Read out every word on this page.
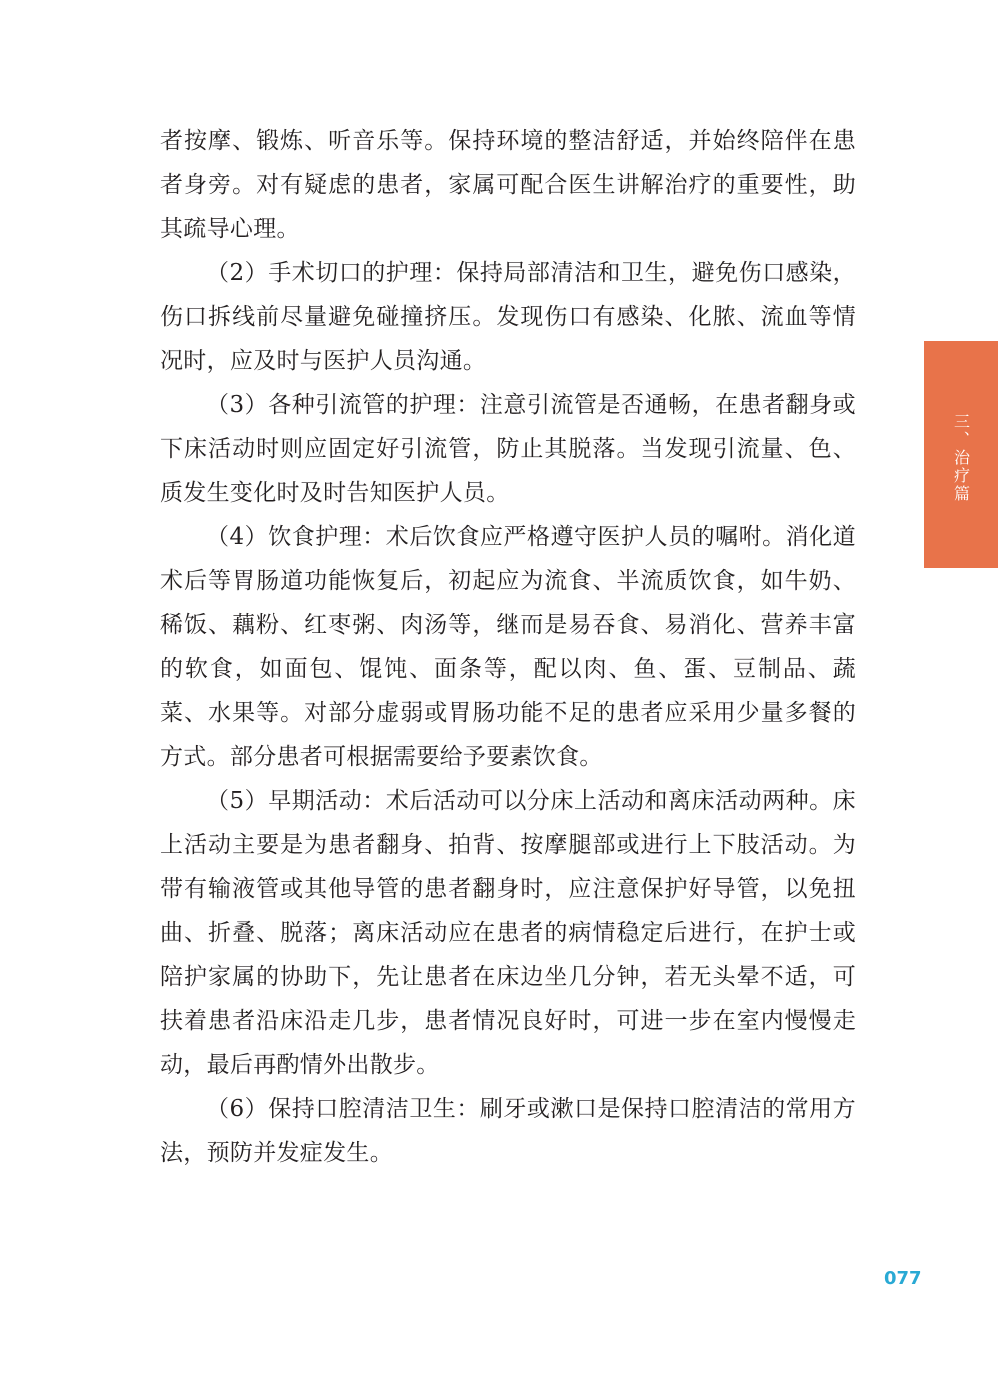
者按摩、锻炼、听音乐等。保持环境的整洁舒适，并始终陪伴在患者身旁。对有疑虑的患者，家属可配合医生讲解治疗的重要性，助其疏导心理。

（2）手术切口的护理：保持局部清洁和卫生，避免伤口感染，伤口拆线前尽量避免碰撞挤压。发现伤口有感染、化脓、流血等情况时，应及时与医护人员沟通。

（3）各种引流管的护理：注意引流管是否通畅，在患者翻身或下床活动时则应固定好引流管，防止其脱落。当发现引流量、色、质发生变化时及时告知医护人员。

（4）饮食护理：术后饮食应严格遵守医护人员的嘱咐。消化道术后等胃肠道功能恢复后，初起应为流食、半流质饮食，如牛奶、稀饭、藕粉、红枣粥、肉汤等，继而是易吞食、易消化、营养丰富的软食，如面包、馄饨、面条等，配以肉、鱼、蛋、豆制品、蔬菜、水果等。对部分虚弱或胃肠功能不足的患者应采用少量多餐的方式。部分患者可根据需要给予要素饮食。

（5）早期活动：术后活动可以分床上活动和离床活动两种。床上活动主要是为患者翻身、拍背、按摩腿部或进行上下肢活动。为带有输液管或其他导管的患者翻身时，应注意保护好导管，以免扭曲、折叠、脱落；离床活动应在患者的病情稳定后进行，在护士或陪护家属的协助下，先让患者在床边坐几分钟，若无头晕不适，可扶着患者沿床沿走几步，患者情况良好时，可进一步在室内慢慢走动，最后再酌情外出散步。

（6）保持口腔清洁卫生：刷牙或漱口是保持口腔清洁的常用方法，预防并发症发生。

三、治疗篇
077
